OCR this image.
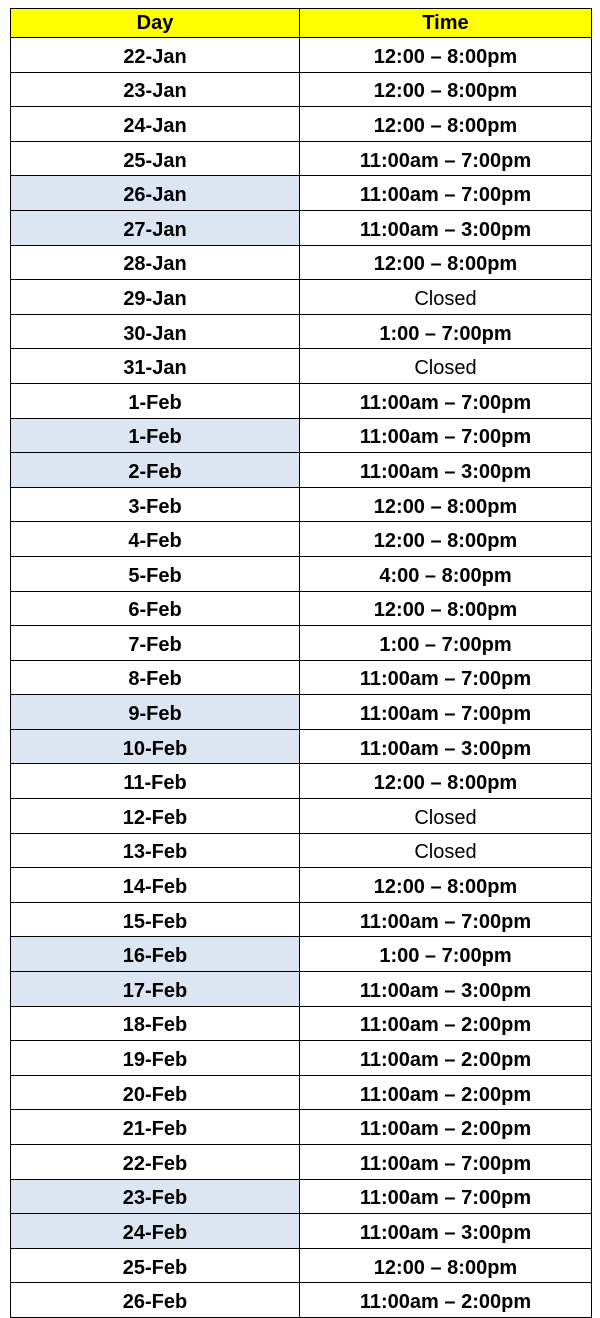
Day	Time
22-Jan	12:00 – 8:00pm
23-Jan	12:00 – 8:00pm
24-Jan	12:00 – 8:00pm
25-Jan	11:00am – 7:00pm
26-Jan	11:00am – 7:00pm
27-Jan	11:00am – 3:00pm
28-Jan	12:00 – 8:00pm
29-Jan	Closed
30-Jan	1:00 – 7:00pm
31-Jan	Closed
1-Feb	11:00am – 7:00pm
1-Feb	11:00am – 7:00pm
2-Feb	11:00am – 3:00pm
3-Feb	12:00 – 8:00pm
4-Feb	12:00 – 8:00pm
5-Feb	4:00 – 8:00pm
6-Feb	12:00 – 8:00pm
7-Feb	1:00 – 7:00pm
8-Feb	11:00am – 7:00pm
9-Feb	11:00am – 7:00pm
10-Feb	11:00am – 3:00pm
11-Feb	12:00 – 8:00pm
12-Feb	Closed
13-Feb	Closed
14-Feb	12:00 – 8:00pm
15-Feb	11:00am – 7:00pm
16-Feb	1:00 – 7:00pm
17-Feb	11:00am – 3:00pm
18-Feb	11:00am – 2:00pm
19-Feb	11:00am – 2:00pm
20-Feb	11:00am – 2:00pm
21-Feb	11:00am – 2:00pm
22-Feb	11:00am – 7:00pm
23-Feb	11:00am – 7:00pm
24-Feb	11:00am – 3:00pm
25-Feb	12:00 – 8:00pm
26-Feb	11:00am – 2:00pm
